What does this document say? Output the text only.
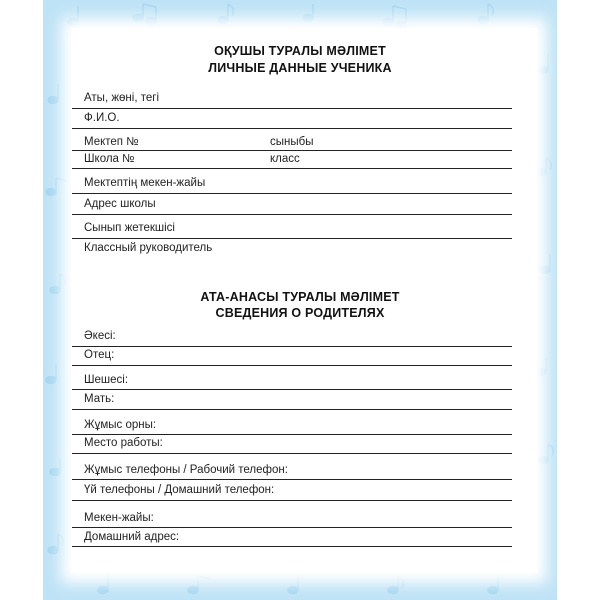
ОҚУШЫ ТУРАЛЫ МӘЛІМЕТ
ЛИЧНЫЕ ДАННЫЕ УЧЕНИКА
Аты, жөні, тегі
Ф.И.О.
Мектеп №	сыныбы
Школа №	класс
Мектептің мекен-жайы
Адрес школы
Сынып жетекшісі
Классный руководитель
АТА-АНАСЫ ТУРАЛЫ МӘЛІМЕТ
СВЕДЕНИЯ О РОДИТЕЛЯХ
Әкесі:
Отец:
Шешесі:
Мать:
Жұмыс орны:
Место работы:
Жұмыс телефоны / Рабочий телефон:
Үй телефоны / Домашний телефон:
Мекен-жайы:
Домашний адрес:
